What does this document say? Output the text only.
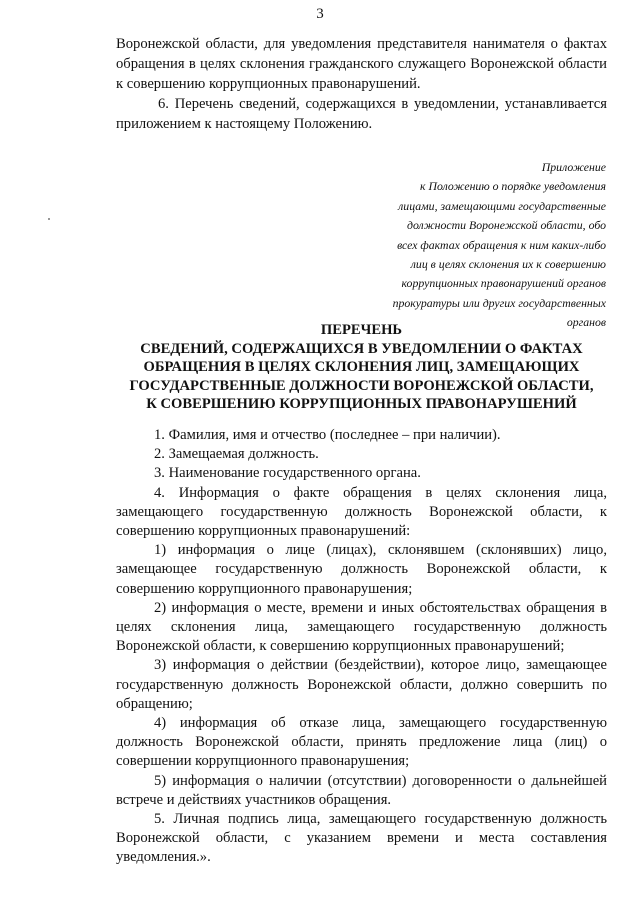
3
Воронежской области, для уведомления представителя нанимателя о фактах обращения в целях склонения гражданского служащего Воронежской области к совершению коррупционных правонарушений.
6. Перечень сведений, содержащихся в уведомлении, устанавливается приложением к настоящему Положению.
Приложение
к Положению о порядке уведомления
лицами, замещающими государственные
должности Воронежской области, обо
всех фактах обращения к ним каких-либо
лиц в целях склонения их к совершению
коррупционных правонарушений органов
прокуратуры или других государственных
органов
ПЕРЕЧЕНЬ
СВЕДЕНИЙ, СОДЕРЖАЩИХСЯ В УВЕДОМЛЕНИИ О ФАКТАХ
ОБРАЩЕНИЯ В ЦЕЛЯХ СКЛОНЕНИЯ ЛИЦ, ЗАМЕЩАЮЩИХ
ГОСУДАРСТВЕННЫЕ ДОЛЖНОСТИ ВОРОНЕЖСКОЙ ОБЛАСТИ,
К СОВЕРШЕНИЮ КОРРУПЦИОННЫХ ПРАВОНАРУШЕНИЙ

1. Фамилия, имя и отчество (последнее – при наличии).

2. Замещаемая должность.

3. Наименование государственного органа.

4. Информация о факте обращения в целях склонения лица, замещающего государственную должность Воронежской области, к совершению коррупционных правонарушений:

1) информация о лице (лицах), склонявшем (склонявших) лицо, замещающее государственную должность Воронежской области, к совершению коррупционного правонарушения;

2) информация о месте, времени и иных обстоятельствах обращения в целях склонения лица, замещающего государственную должность Воронежской области, к совершению коррупционных правонарушений;

3) информация о действии (бездействии), которое лицо, замещающее государственную должность Воронежской области, должно совершить по обращению;

4) информация об отказе лица, замещающего государственную должность Воронежской области, принять предложение лица (лиц) о совершении коррупционного правонарушения;

5) информация о наличии (отсутствии) договоренности о дальнейшей встрече и действиях участников обращения.

5. Личная подпись лица, замещающего государственную должность Воронежской области, с указанием времени и места составления уведомления.».
